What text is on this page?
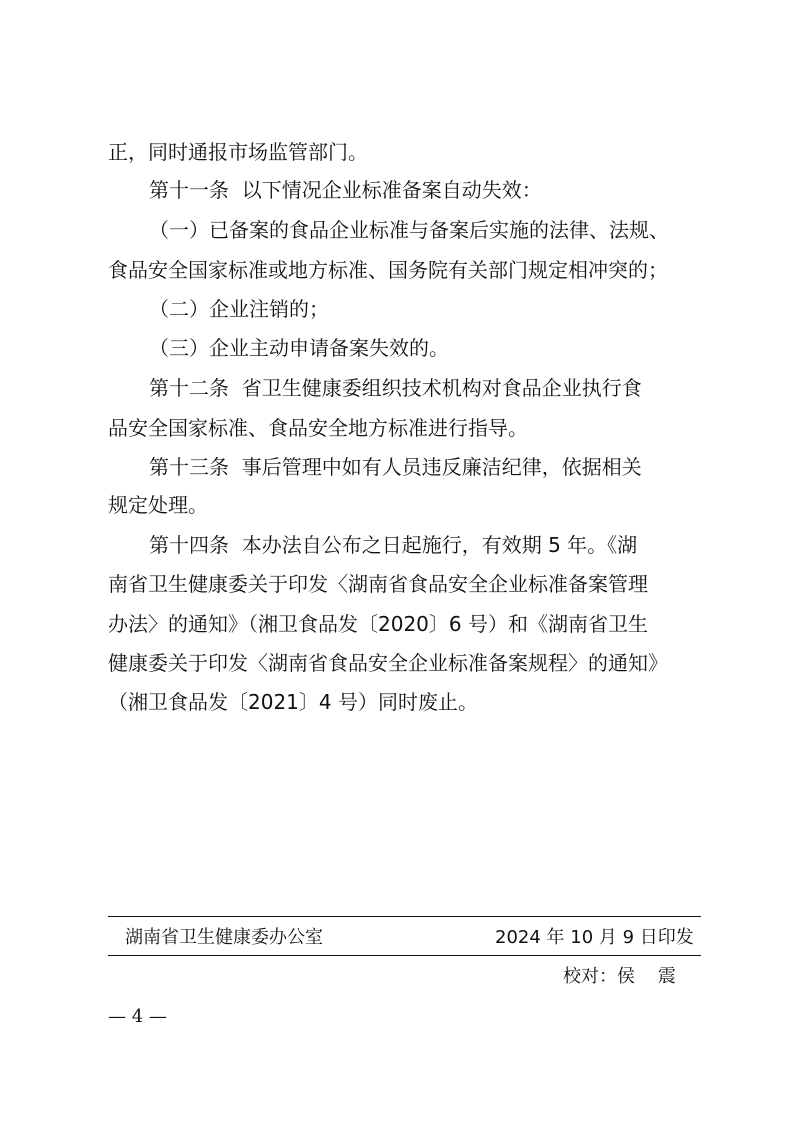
正，同时通报市场监管部门。
第十一条  以下情况企业标准备案自动失效：
（一）已备案的食品企业标准与备案后实施的法律、法规、
食品安全国家标准或地方标准、国务院有关部门规定相冲突的；
（二）企业注销的；
（三）企业主动申请备案失效的。
第十二条  省卫生健康委组织技术机构对食品企业执行食
品安全国家标准、食品安全地方标准进行指导。
第十三条  事后管理中如有人员违反廉洁纪律，依据相关
规定处理。
第十四条  本办法自公布之日起施行，有效期 5 年。《湖
南省卫生健康委关于印发〈湖南省食品安全企业标准备案管理
办法〉的通知》（湘卫食品发〔2020〕6 号）和《湖南省卫生
健康委关于印发〈湖南省食品安全企业标准备案规程〉的通知》
（湘卫食品发〔2021〕4 号）同时废止。
湖南省卫生健康委办公室	2024 年 10 月 9 日印发
校对：侯    震
— 4 —
